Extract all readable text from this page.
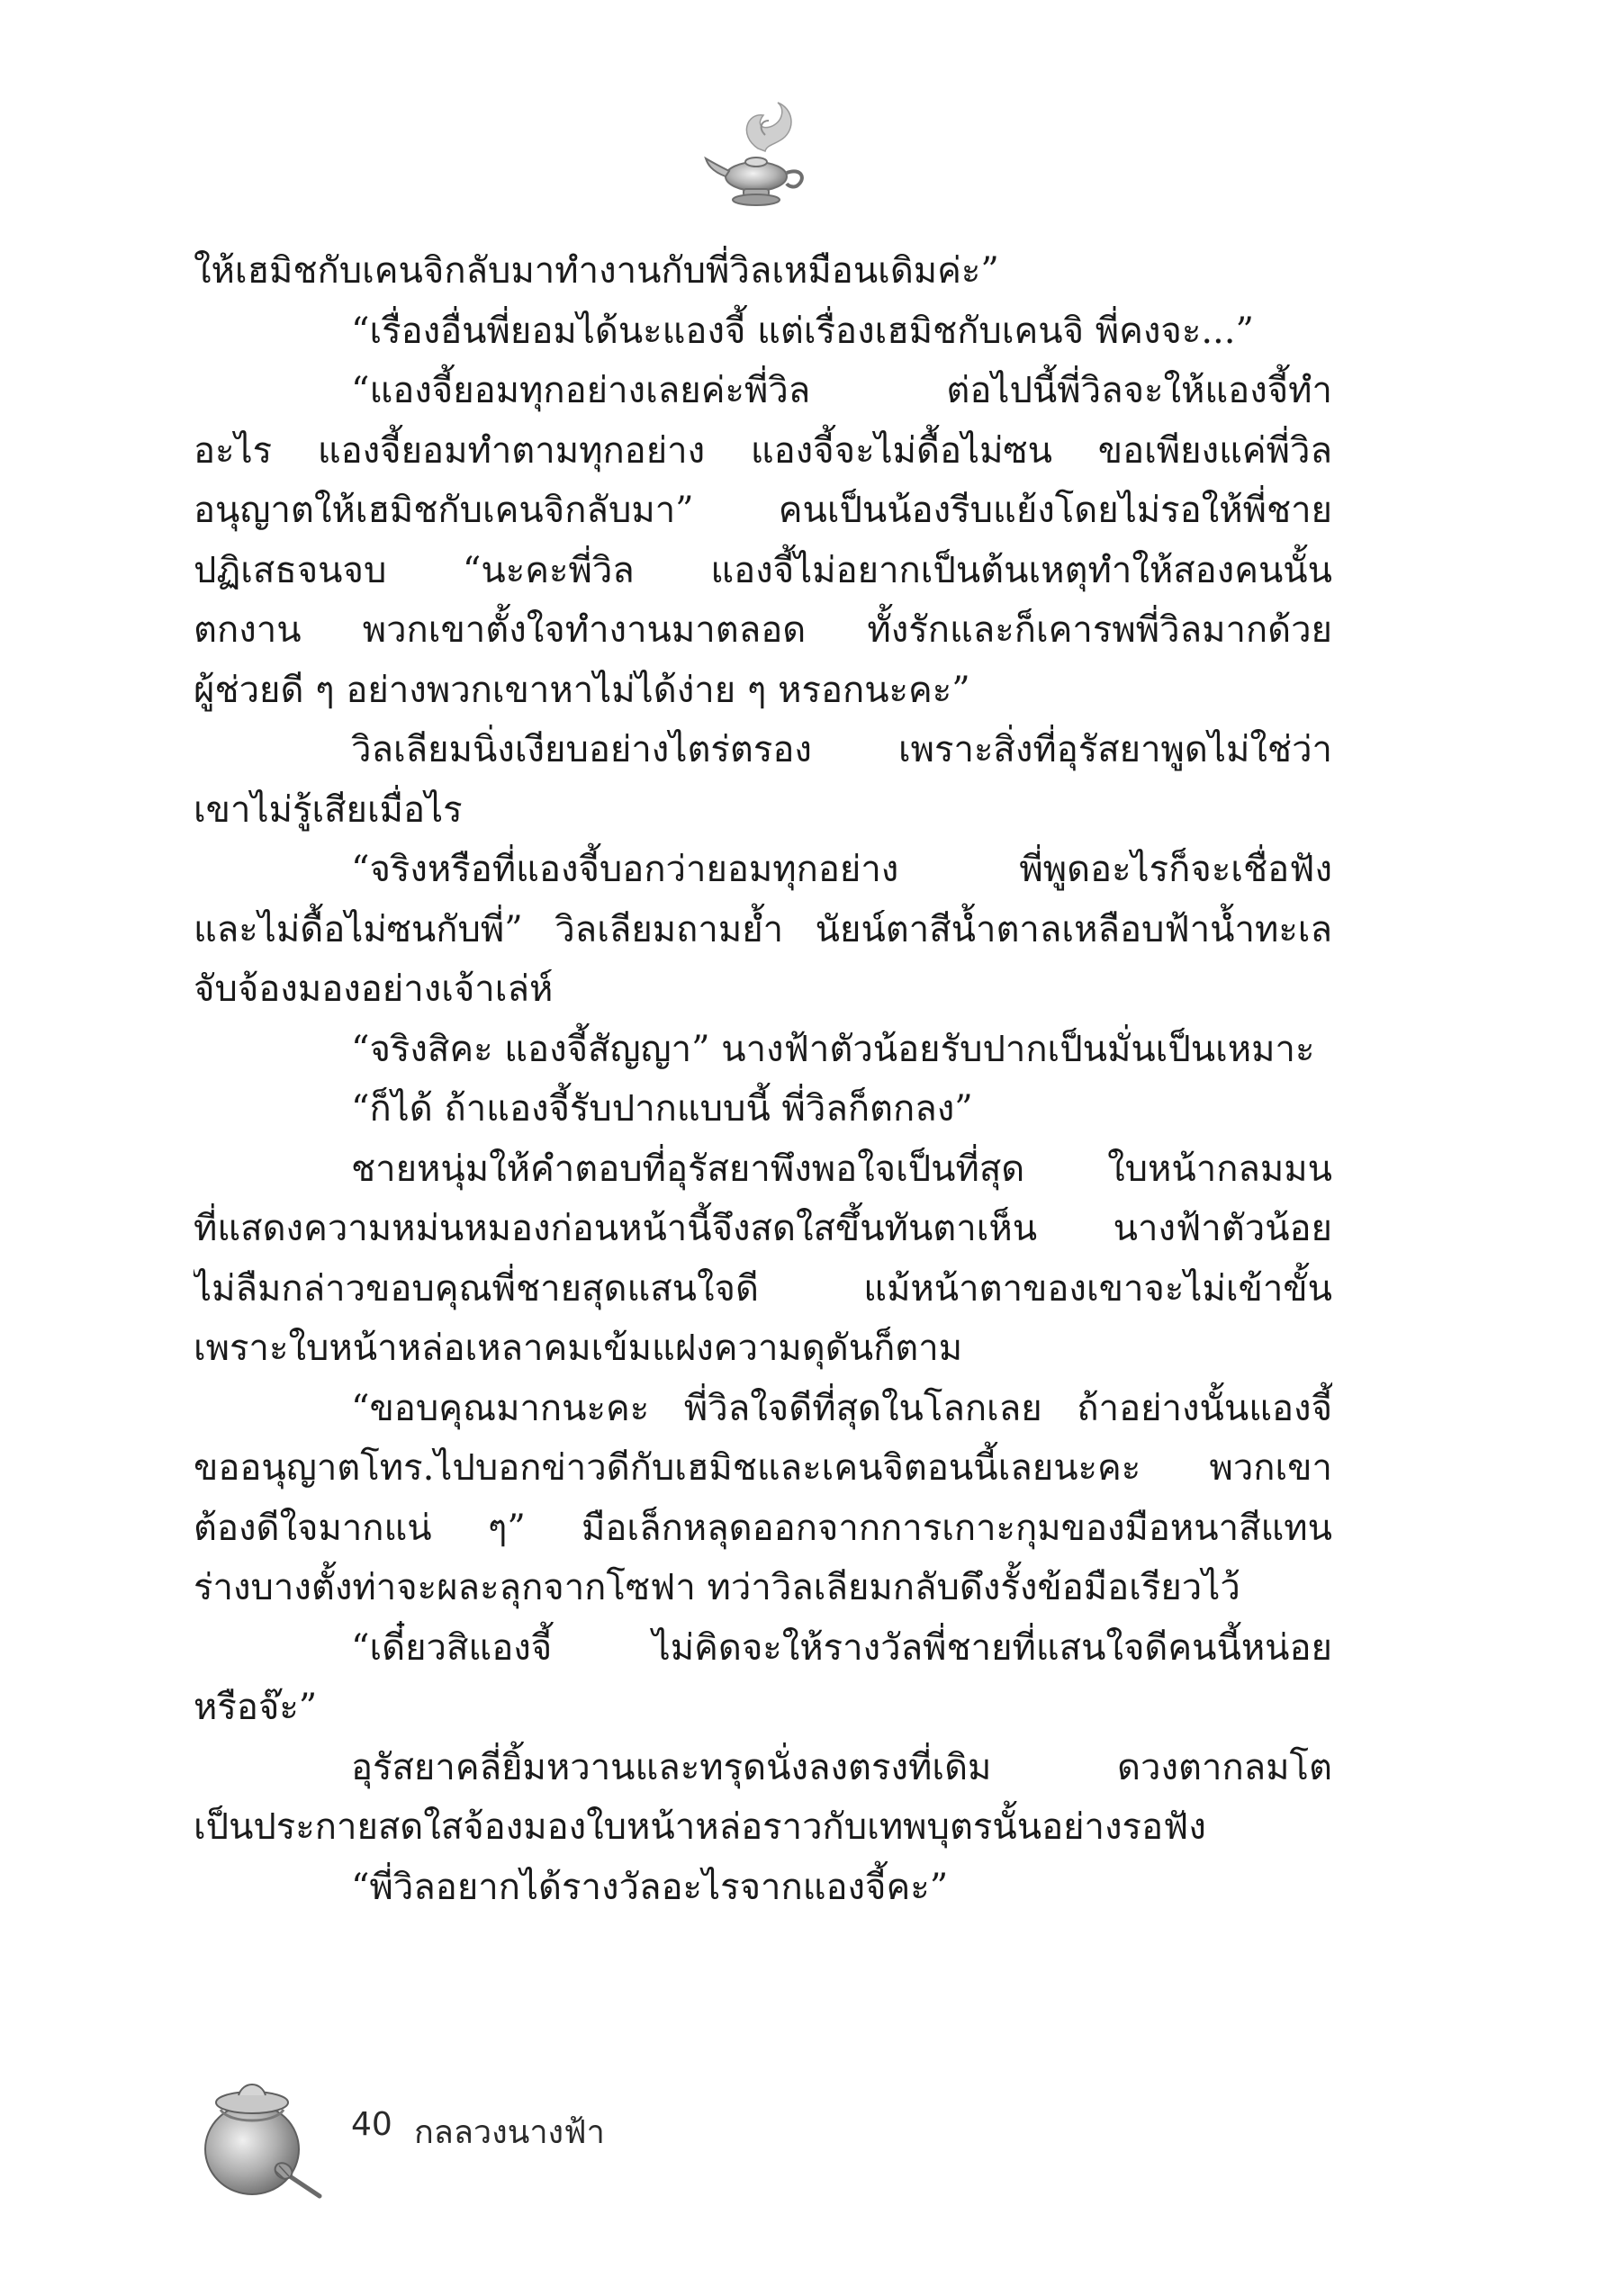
ให้เฮมิชกับเคนจิกลับมาทำงานกับพี่วิลเหมือนเดิมค่ะ”
“เรื่องอื่นพี่ยอมได้นะแองจี้ แต่เรื่องเฮมิชกับเคนจิ พี่คงจะ...”
“แองจี้ยอมทุกอย่างเลยค่ะพี่วิล ต่อไปนี้พี่วิลจะให้แองจี้ทำ
อะไร แองจี้ยอมทำตามทุกอย่าง แองจี้จะไม่ดื้อไม่ซน ขอเพียงแค่พี่วิล
อนุญาตให้เฮมิชกับเคนจิกลับมา” คนเป็นน้องรีบแย้งโดยไม่รอให้พี่ชาย
ปฏิเสธจนจบ “นะคะพี่วิล แองจี้ไม่อยากเป็นต้นเหตุทำให้สองคนนั้น
ตกงาน พวกเขาตั้งใจทำงานมาตลอด ทั้งรักและก็เคารพพี่วิลมากด้วย
ผู้ช่วยดี ๆ อย่างพวกเขาหาไม่ได้ง่าย ๆ หรอกนะคะ”
วิลเลียมนิ่งเงียบอย่างไตร่ตรอง เพราะสิ่งที่อุรัสยาพูดไม่ใช่ว่า
เขาไม่รู้เสียเมื่อไร
“จริงหรือที่แองจี้บอกว่ายอมทุกอย่าง พี่พูดอะไรก็จะเชื่อฟัง
และไม่ดื้อไม่ซนกับพี่” วิลเลียมถามย้ำ นัยน์ตาสีน้ำตาลเหลือบฟ้าน้ำทะเล
จับจ้องมองอย่างเจ้าเล่ห์
“จริงสิคะ แองจี้สัญญา” นางฟ้าตัวน้อยรับปากเป็นมั่นเป็นเหมาะ
“ก็ได้ ถ้าแองจี้รับปากแบบนี้ พี่วิลก็ตกลง”
ชายหนุ่มให้คำตอบที่อุรัสยาพึงพอใจเป็นที่สุด ใบหน้ากลมมน
ที่แสดงความหม่นหมองก่อนหน้านี้จึงสดใสขึ้นทันตาเห็น นางฟ้าตัวน้อย
ไม่ลืมกล่าวขอบคุณพี่ชายสุดแสนใจดี แม้หน้าตาของเขาจะไม่เข้าขั้น
เพราะใบหน้าหล่อเหลาคมเข้มแฝงความดุดันก็ตาม
“ขอบคุณมากนะคะ พี่วิลใจดีที่สุดในโลกเลย ถ้าอย่างนั้นแองจี้
ขออนุญาตโทร.ไปบอกข่าวดีกับเฮมิชและเคนจิตอนนี้เลยนะคะ พวกเขา
ต้องดีใจมากแน่ ๆ” มือเล็กหลุดออกจากการเกาะกุมของมือหนาสีแทน
ร่างบางตั้งท่าจะผละลุกจากโซฟา ทว่าวิลเลียมกลับดึงรั้งข้อมือเรียวไว้
“เดี๋ยวสิแองจี้ ไม่คิดจะให้รางวัลพี่ชายที่แสนใจดีคนนี้หน่อย
หรือจ๊ะ”
อุรัสยาคลี่ยิ้มหวานและทรุดนั่งลงตรงที่เดิม ดวงตากลมโต
เป็นประกายสดใสจ้องมองใบหน้าหล่อราวกับเทพบุตรนั้นอย่างรอฟัง
“พี่วิลอยากได้รางวัลอะไรจากแองจี้คะ”
40 กลลวงนางฟ้า
